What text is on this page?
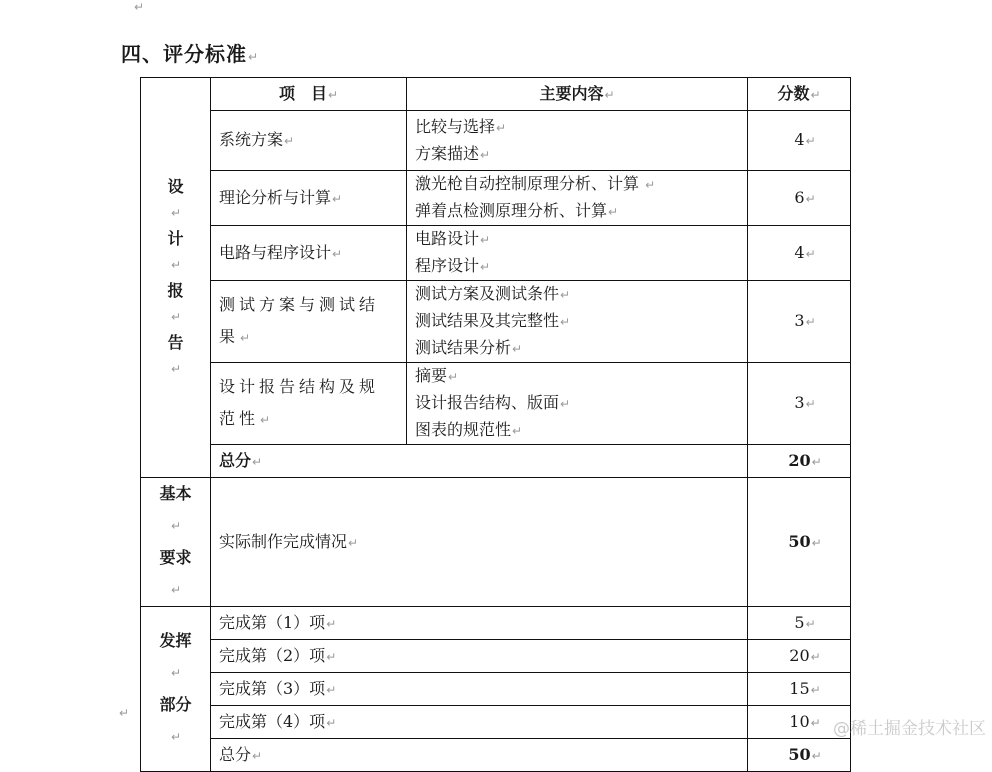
↵
四、评分标准 ↵
设
↵
计
↵
报
↵
告
↵	项　目 ↵	主要内容 ↵	分数 ↵
	系统方案 ↵	比较与选择 ↵
方案描述 ↵	4 ↵
	理论分析与计算 ↵	激光枪自动控制原理分析、计算 ↵
弹着点检测原理分析、计算 ↵	6 ↵
	电路与程序设计 ↵	电路设计 ↵
程序设计 ↵	4 ↵
	测试方案与测试结果 ↵	测试方案及测试条件 ↵
测试结果及其完整性 ↵
测试结果分析 ↵	3 ↵
	设计报告结构及规范性 ↵	摘要 ↵
设计报告结构、版面 ↵
图表的规范性 ↵	3 ↵
	总分 ↵		20 ↵

基本
↵
要求
↵	实际制作完成情况 ↵		50 ↵

发挥
↵
部分
↵	完成第（1）项 ↵		5 ↵
	完成第（2）项 ↵		20 ↵
	完成第（3）项 ↵		15 ↵
	完成第（4）项 ↵		10 ↵
	总分 ↵		50 ↵
↵
@稀土掘金技术社区
